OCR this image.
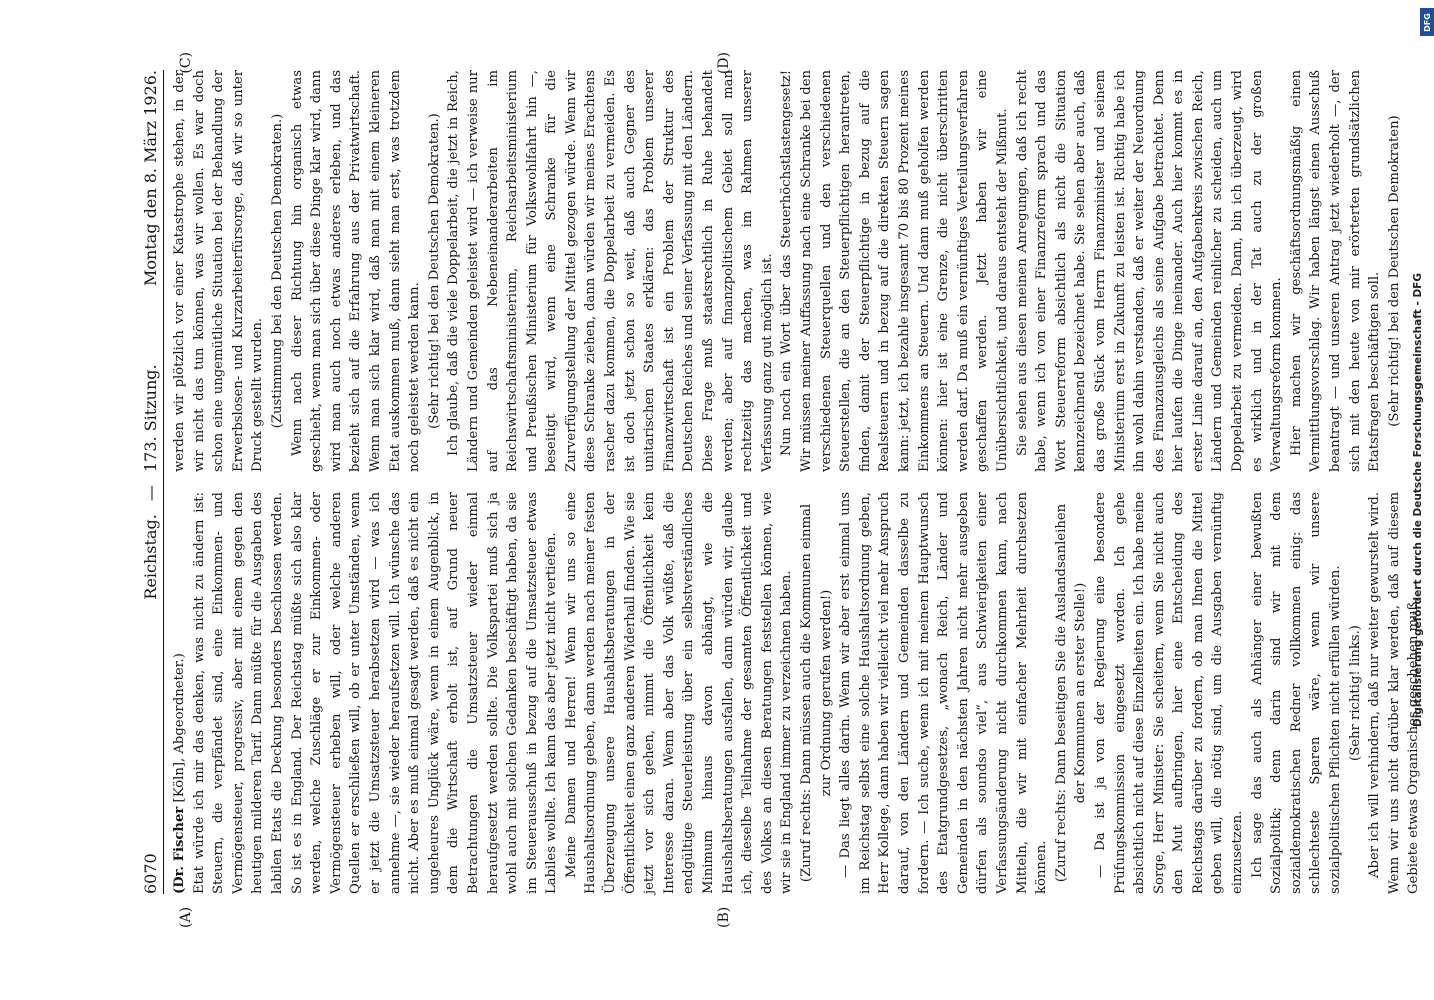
6070
Reichstag. — 173. Sitzung.
Montag den 8. März 1926.
(A)	(B)
(C)	(D)

(Dr. Fischer [Köln], Abgeordneter.) Etat würde ich mir das denken, was nicht zu ändern ist: Steuern, die verpfändet sind, eine Einkommen- und Vermögensteuer, progressiv, aber mit einem gegen den heutigen milderen Tarif. Dann müßte für die Ausgaben des labilen Etats die Deckung besonders beschlossen werden. So ist es in England. Der Reichstag müßte sich also klar werden, welche Zuschläge er zur Einkommen- oder Vermögensteuer erheben will, oder welche anderen Quellen er erschließen will, ob er unter Umständen, wenn er jetzt die Umsatzsteuer herabsetzen wird — was ich annehme —, sie wieder heraufsetzen will. Ich wünsche das nicht. Aber es muß einmal gesagt werden, daß es nicht ein ungeheures Unglück wäre, wenn in einem Augenblick, in dem die Wirtschaft erholt ist, auf Grund neuer Betrachtungen die Umsatzsteuer wieder einmal heraufgesetzt werden sollte. Die Volkspartei muß sich ja wohl auch mit solchen Gedanken beschäftigt haben, da sie im Steuerausschuß in bezug auf die Umsatzsteuer etwas Labiles wollte. Ich kann das aber jetzt nicht vertiefen. Meine Damen und Herren! Wenn wir uns so eine Haushaltsordnung geben, dann werden nach meiner festen Überzeugung unsere Haushaltsberatungen in der Öffentlichkeit einen ganz anderen Widerhall finden. Wie sie jetzt vor sich gehen, nimmt die Öffentlichkeit kein Interesse daran. Wenn aber das Volk wüßte, daß die endgültige Steuerleistung über ein selbstverständliches Minimum hinaus davon abhängt, wie die Haushaltsberatungen ausfallen, dann würden wir, glaube ich, dieselbe Teilnahme der gesamten Öffentlichkeit und des Volkes an diesen Beratungen feststellen können, wie wir sie in England immer zu verzeichnen haben. (Zuruf rechts: Dann müssen auch die Kommunen einmal zur Ordnung gerufen werden!) — Das liegt alles darin. Wenn wir aber erst einmal uns im Reichstag selbst eine solche Haushaltsordnung geben, Herr Kollege, dann haben wir vielleicht viel mehr Anspruch darauf, von den Ländern und Gemeinden dasselbe zu fordern. — Ich suche, wenn ich mit meinem Hauptwunsch des Etatgrundgesetzes, „wonach Reich, Länder und Gemeinden in den nächsten Jahren nicht mehr ausgeben dürfen als soundso viel“, aus Schwierigkeiten einer Verfassungsänderung nicht durchkommen kann, nach Mitteln, die wir mit einfacher Mehrheit durchsetzen können. (Zuruf rechts: Dann beseitigen Sie die Auslandsanleihen der Kommunen an erster Stelle!) — Da ist ja von der Regierung eine besondere Prüfungskommission eingesetzt worden. Ich gehe absichtlich nicht auf diese Einzelheiten ein. Ich habe meine Sorge, Herr Minister: Sie scheitern, wenn Sie nicht auch den Mut aufbringen, hier eine Entscheidung des Reichstags darüber zu fordern, ob man Ihnen die Mittel geben will, die nötig sind, um die Ausgaben vernünftig einzusetzen. Ich sage das auch als Anhänger einer bewußten Sozialpolitik; denn darin sind wir mit dem sozialdemokratischen Redner vollkommen einig: das schlechteste Sparen wäre, wenn wir unsere sozialpolitischen Pflichten nicht erfüllen würden. (Sehr richtig! links.) Aber ich will verhindern, daß nur weiter gewurstelt wird. Wenn wir uns nicht darüber klar werden, daß auf diesem Gebiete etwas Organisches geschehen muß,

werden wir plötzlich vor einer Katastrophe stehen, in der wir nicht das tun können, was wir wollen. Es war doch schon eine ungemütliche Situation bei der Behandlung der Erwerbslosen- und Kurzarbeiterfürsorge, daß wir so unter Druck gestellt wurden. (Zustimmung bei den Deutschen Demokraten.) Wenn nach dieser Richtung hin organisch etwas geschieht, wenn man sich über diese Dinge klar wird, dann wird man auch noch etwas anderes erleben, und das bezieht sich auf die Erfahrung aus der Privatwirtschaft. Wenn man sich klar wird, daß man mit einem kleineren Etat auskommen muß, dann sieht man erst, was trotzdem noch geleistet werden kann. (Sehr richtig! bei den Deutschen Demokraten.) Ich glaube, daß die viele Doppelarbeit, die jetzt in Reich, Ländern und Gemeinden geleistet wird — ich verweise nur auf das Nebeneinanderarbeiten im Reichswirtschaftsministerium, Reichsarbeitsministerium und Preußischen Ministerium für Volkswohlfahrt hin —, beseitigt wird, wenn eine Schranke für die Zurverfügungstellung der Mittel gezogen würde. Wenn wir diese Schranke ziehen, dann würden wir meines Erachtens rascher dazu kommen, die Doppelarbeit zu vermeiden. Es ist doch jetzt schon so weit, daß auch Gegner des unitarischen Staates erklären: das Problem unserer Finanzwirtschaft ist ein Problem der Struktur des Deutschen Reiches und seiner Verfassung mit den Ländern. Diese Frage muß staatsrechtlich in Ruhe behandelt werden; aber auf finanzpolitischem Gebiet soll man rechtzeitig das machen, was im Rahmen unserer Verfassung ganz gut möglich ist. Nun noch ein Wort über das Steuerhöchstlastengesetz! Wir müssen meiner Auffassung nach eine Schranke bei den verschiedenen Steuerquellen und den verschiedenen Steuerstellen, die an den Steuerpflichtigen herantreten, finden, damit der Steuerpflichtige in bezug auf die Realsteuern und in bezug auf die direkten Steuern sagen kann: jetzt, ich bezahle insgesamt 70 bis 80 Prozent meines Einkommens an Steuern. Und dann muß geholfen werden können: hier ist eine Grenze, die nicht überschritten werden darf. Da muß ein vernünftiges Verteilungsverfahren geschaffen werden. Jetzt haben wir eine Unübersichtlichkeit, und daraus entsteht der Mißmut. Sie sehen aus diesen meinen Anregungen, daß ich recht habe, wenn ich von einer Finanzreform sprach und das Wort Steuerreform absichtlich als nicht die Situation kennzeichnend bezeichnet habe. Sie sehen aber auch, daß das große Stück vom Herrn Finanzminister und seinem Ministerium erst in Zukunft zu leisten ist. Richtig habe ich ihn wohl dahin verstanden, daß er weiter der Neuordnung des Finanzausgleichs als seine Aufgabe betrachtet. Denn hier laufen die Dinge ineinander. Auch hier kommt es in erster Linie darauf an, den Aufgabenkreis zwischen Reich, Ländern und Gemeinden reinlicher zu scheiden, auch um Doppelarbeit zu vermeiden. Dann, bin ich überzeugt, wird es wirklich und in der Tat auch zu der großen Verwaltungsreform kommen. Hier machen wir geschäftsordnungsmäßig einen Vermittlungsvorschlag. Wir haben längst einen Ausschuß beantragt — und unseren Antrag jetzt wiederholt —, der sich mit den heute von mir erörterten grundsätzlichen Etatsfragen beschäftigen soll. (Sehr richtig! bei den Deutschen Demokraten)

Digitalisierung gefördert durch die Deutsche Forschungsgemeinschaft - DFG
DFG
